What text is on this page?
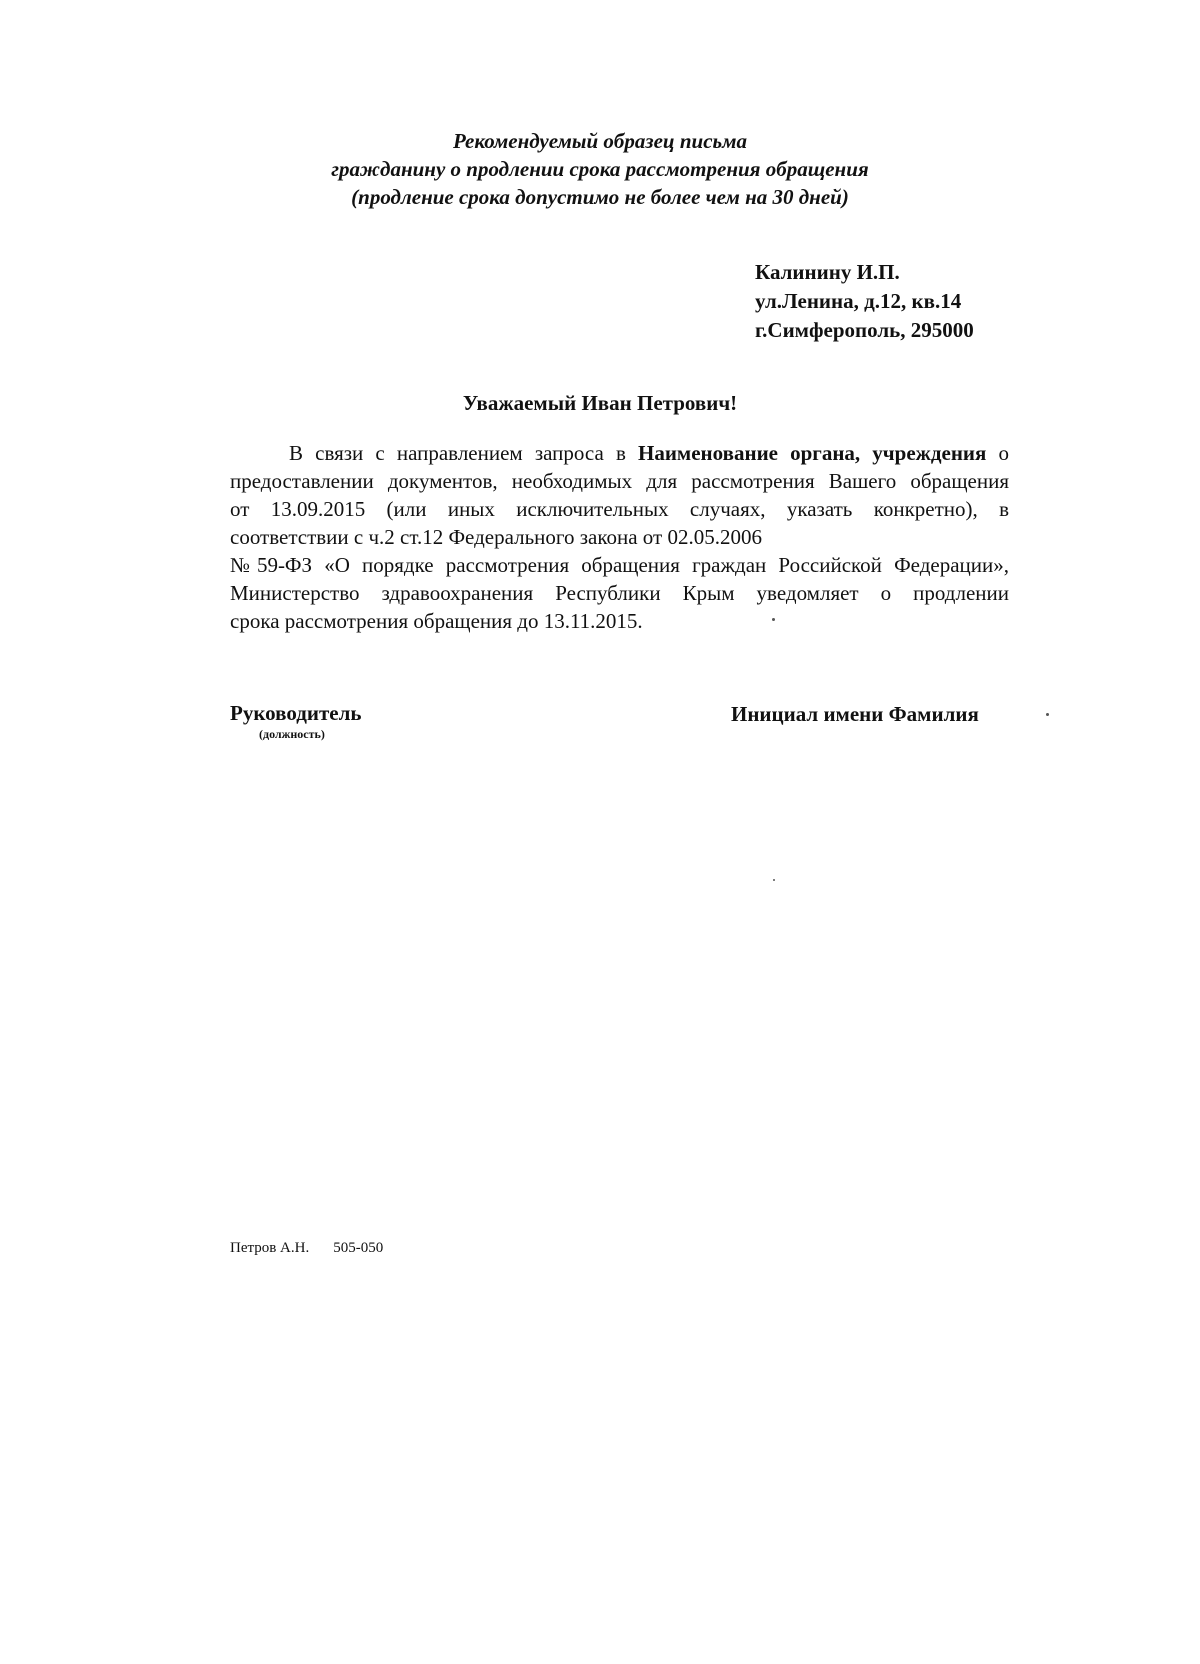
Рекомендуемый образец письма
гражданину о продлении срока рассмотрения обращения
(продление срока допустимо не более чем на 30 дней)
Калинину И.П.
ул.Ленина, д.12, кв.14
г.Симферополь, 295000
Уважаемый Иван Петрович!
В связи с направлением запроса в Наименование органа, учреждения о
предоставлении документов, необходимых для рассмотрения Вашего обращения
от 13.09.2015 (или иных исключительных случаях, указать конкретно), в
соответствии с ч.2 ст.12 Федерального закона от 02.05.2006
№59-ФЗ «О порядке рассмотрения обращения граждан Российской Федерации»,
Министерство здравоохранения Республики Крым уведомляет о продлении
срока рассмотрения обращения до 13.11.2015.
Руководитель
(должность)
Инициал имени Фамилия
Петров А.Н. 505-050
